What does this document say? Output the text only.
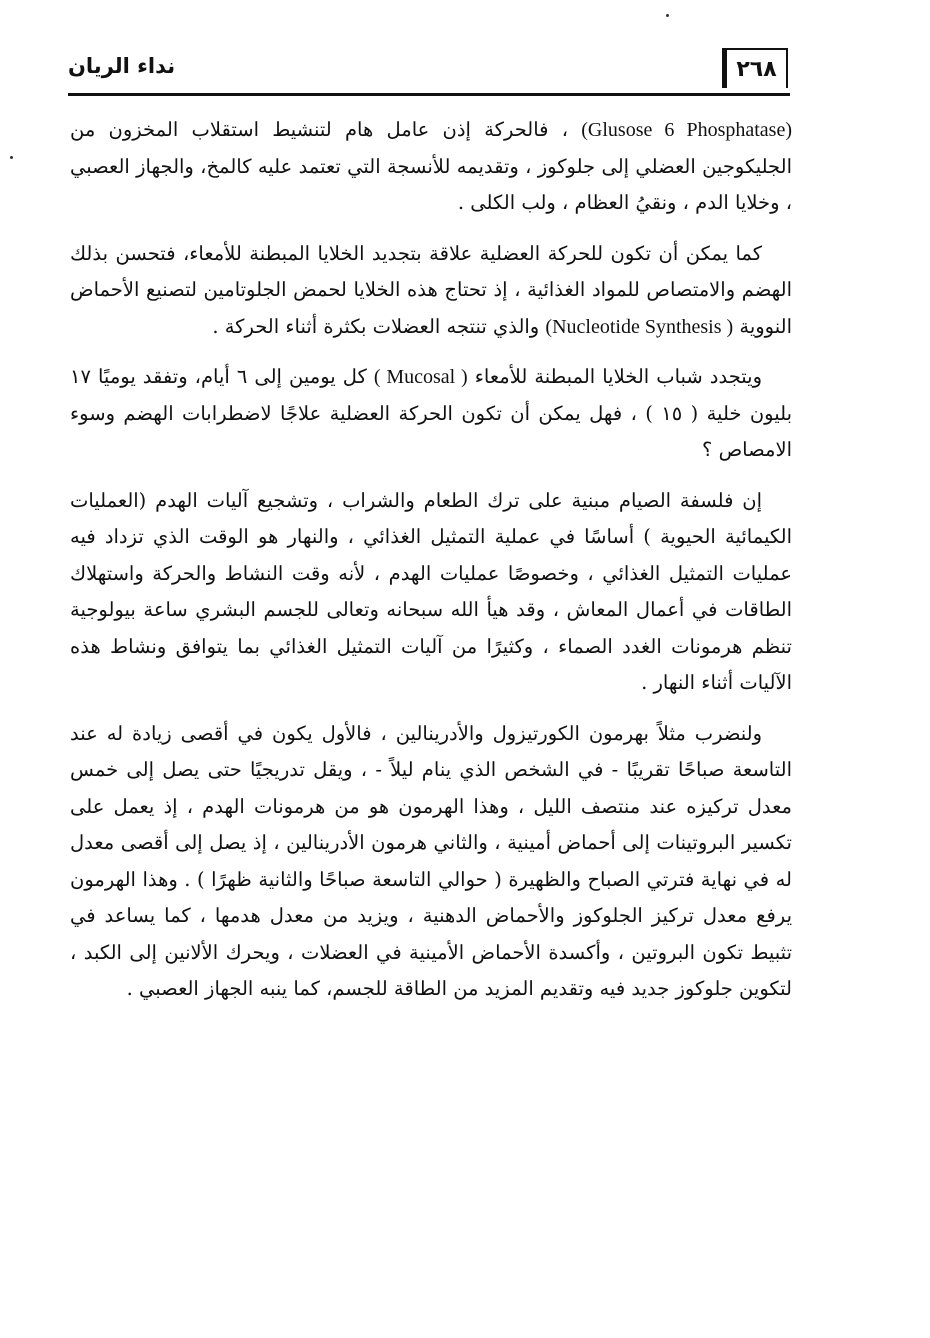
٢٦٨
نداء الريان

(Glusose 6 Phosphatase) ، فالحركة إذن عامل هام لتنشيط استقلاب المخزون من الجليكوجين العضلي إلى جلوكوز ، وتقديمه للأنسجة التي تعتمد عليه كالمخ، والجهاز العصبي ، وخلايا الدم ، ونقيُ العظام ، ولب الكلى .

كما يمكن أن تكون للحركة العضلية علاقة بتجديد الخلايا المبطنة للأمعاء، فتحسن بذلك الهضم والامتصاص للمواد الغذائية ، إذ تحتاج هذه الخلايا لحمض الجلوتامين لتصنيع الأحماض النووية (Nucleotide Synthesis ) والذي تنتجه العضلات بكثرة أثناء الحركة .

ويتجدد شباب الخلايا المبطنة للأمعاء ( Mucosal ) كل يومين إلى ٦ أيام، وتفقد يوميًا ١٧ بليون خلية ( ١٥ ) ، فهل يمكن أن تكون الحركة العضلية علاجًا لاضطرابات الهضم وسوء الامصاص ؟

إن فلسفة الصيام مبنية على ترك الطعام والشراب ، وتشجيع آليات الهدم (العمليات الكيمائية الحيوية ) أساسًا في عملية التمثيل الغذائي ، والنهار هو الوقت الذي تزداد فيه عمليات التمثيل الغذائي ، وخصوصًا عمليات الهدم ، لأنه وقت النشاط والحركة واستهلاك الطاقات في أعمال المعاش ، وقد هيأ الله سبحانه وتعالى للجسم البشري ساعة بيولوجية تنظم هرمونات الغدد الصماء ، وكثيرًا من آليات التمثيل الغذائي بما يتوافق ونشاط هذه الآليات أثناء النهار .

ولنضرب مثلاً بهرمون الكورتيزول والأدرينالين ، فالأول يكون في أقصى زيادة له عند التاسعة صباحًا تقريبًا - في الشخص الذي ينام ليلاً - ، ويقل تدريجيًا حتى يصل إلى خمس معدل تركيزه عند منتصف الليل ، وهذا الهرمون هو من هرمونات الهدم ، إذ يعمل على تكسير البروتينات إلى أحماض أمينية ، والثاني هرمون الأدرينالين ، إذ يصل إلى أقصى معدل له في نهاية فترتي الصباح والظهيرة ( حوالي التاسعة صباحًا والثانية ظهرًا ) . وهذا الهرمون يرفع معدل تركيز الجلوكوز والأحماض الدهنية ، ويزيد من معدل هدمها ، كما يساعد في تثبيط تكون البروتين ، وأكسدة الأحماض الأمينية في العضلات ، ويحرك الألانين إلى الكبد ، لتكوين جلوكوز جديد فيه وتقديم المزيد من الطاقة للجسم، كما ينبه الجهاز العصبي .
